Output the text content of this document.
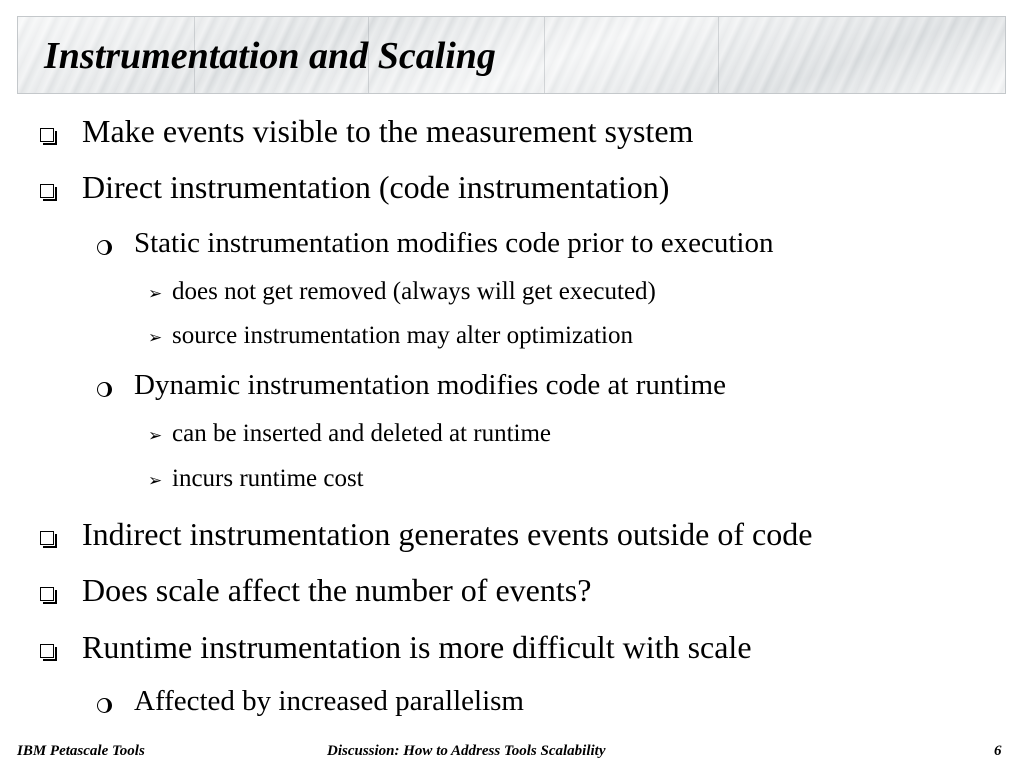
Instrumentation and Scaling
Make events visible to the measurement system
Direct instrumentation (code instrumentation)
Static instrumentation modifies code prior to execution
➢ does not get removed (always will get executed)
➢ source instrumentation may alter optimization
Dynamic instrumentation modifies code at runtime
➢ can be inserted and deleted at runtime
➢ incurs runtime cost
Indirect instrumentation generates events outside of code
Does scale affect the number of events?
Runtime instrumentation is more difficult with scale
Affected by increased parallelism
IBM Petascale Tools	Discussion: How to Address Tools Scalability	6
